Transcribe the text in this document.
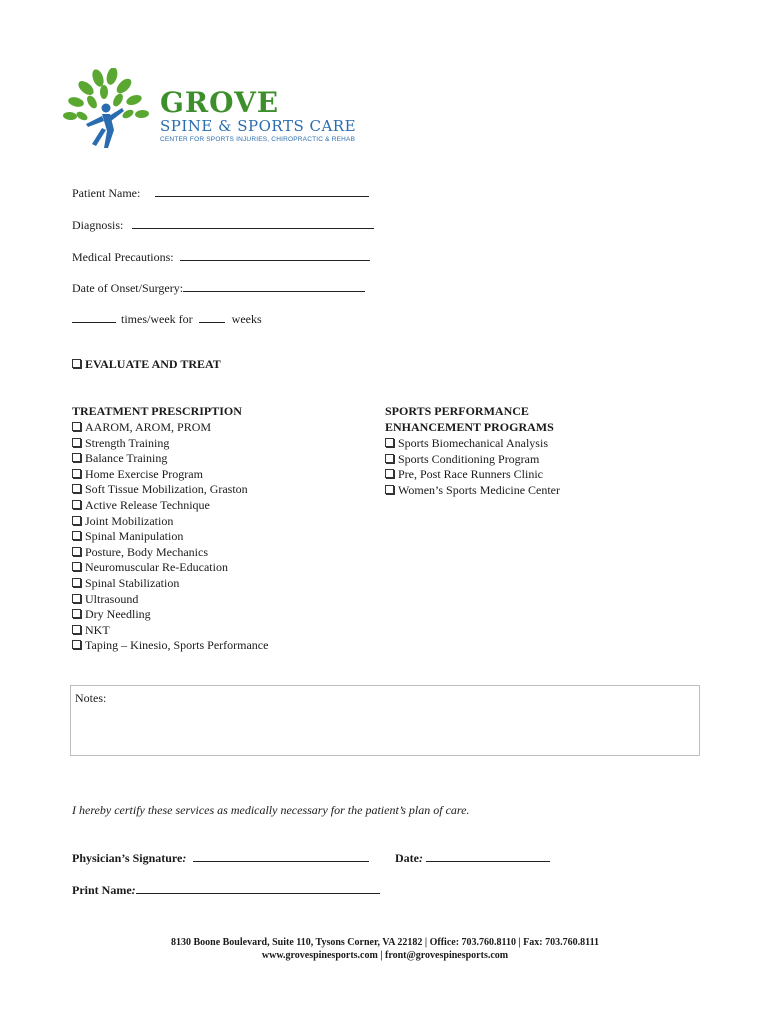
GROVE
SPINE & SPORTS CARE
CENTER FOR SPORTS INJURIES, CHIROPRACTIC & REHAB
Patient Name:
Diagnosis:
Medical Precautions:
Date of Onset/Surgery:
times/week for	weeks
EVALUATE AND TREAT
TREATMENT PRESCRIPTION
AAROM, AROM, PROM
Strength Training
Balance Training
Home Exercise Program
Soft Tissue Mobilization, Graston
Active Release Technique
Joint Mobilization
Spinal Manipulation
Posture, Body Mechanics
Neuromuscular Re-Education
Spinal Stabilization
Ultrasound
Dry Needling
NKT
Taping – Kinesio, Sports Performance
SPORTS PERFORMANCE
ENHANCEMENT PROGRAMS
Sports Biomechanical Analysis
Sports Conditioning Program
Pre, Post Race Runners Clinic
Women’s Sports Medicine Center
Notes:
I hereby certify these services as medically necessary for the patient’s plan of care.
Physician’s Signature:	Date:
Print Name:
8130 Boone Boulevard, Suite 110, Tysons Corner, VA 22182 | Office: 703.760.8110 | Fax: 703.760.8111
www.grovespinesports.com | front@grovespinesports.com
